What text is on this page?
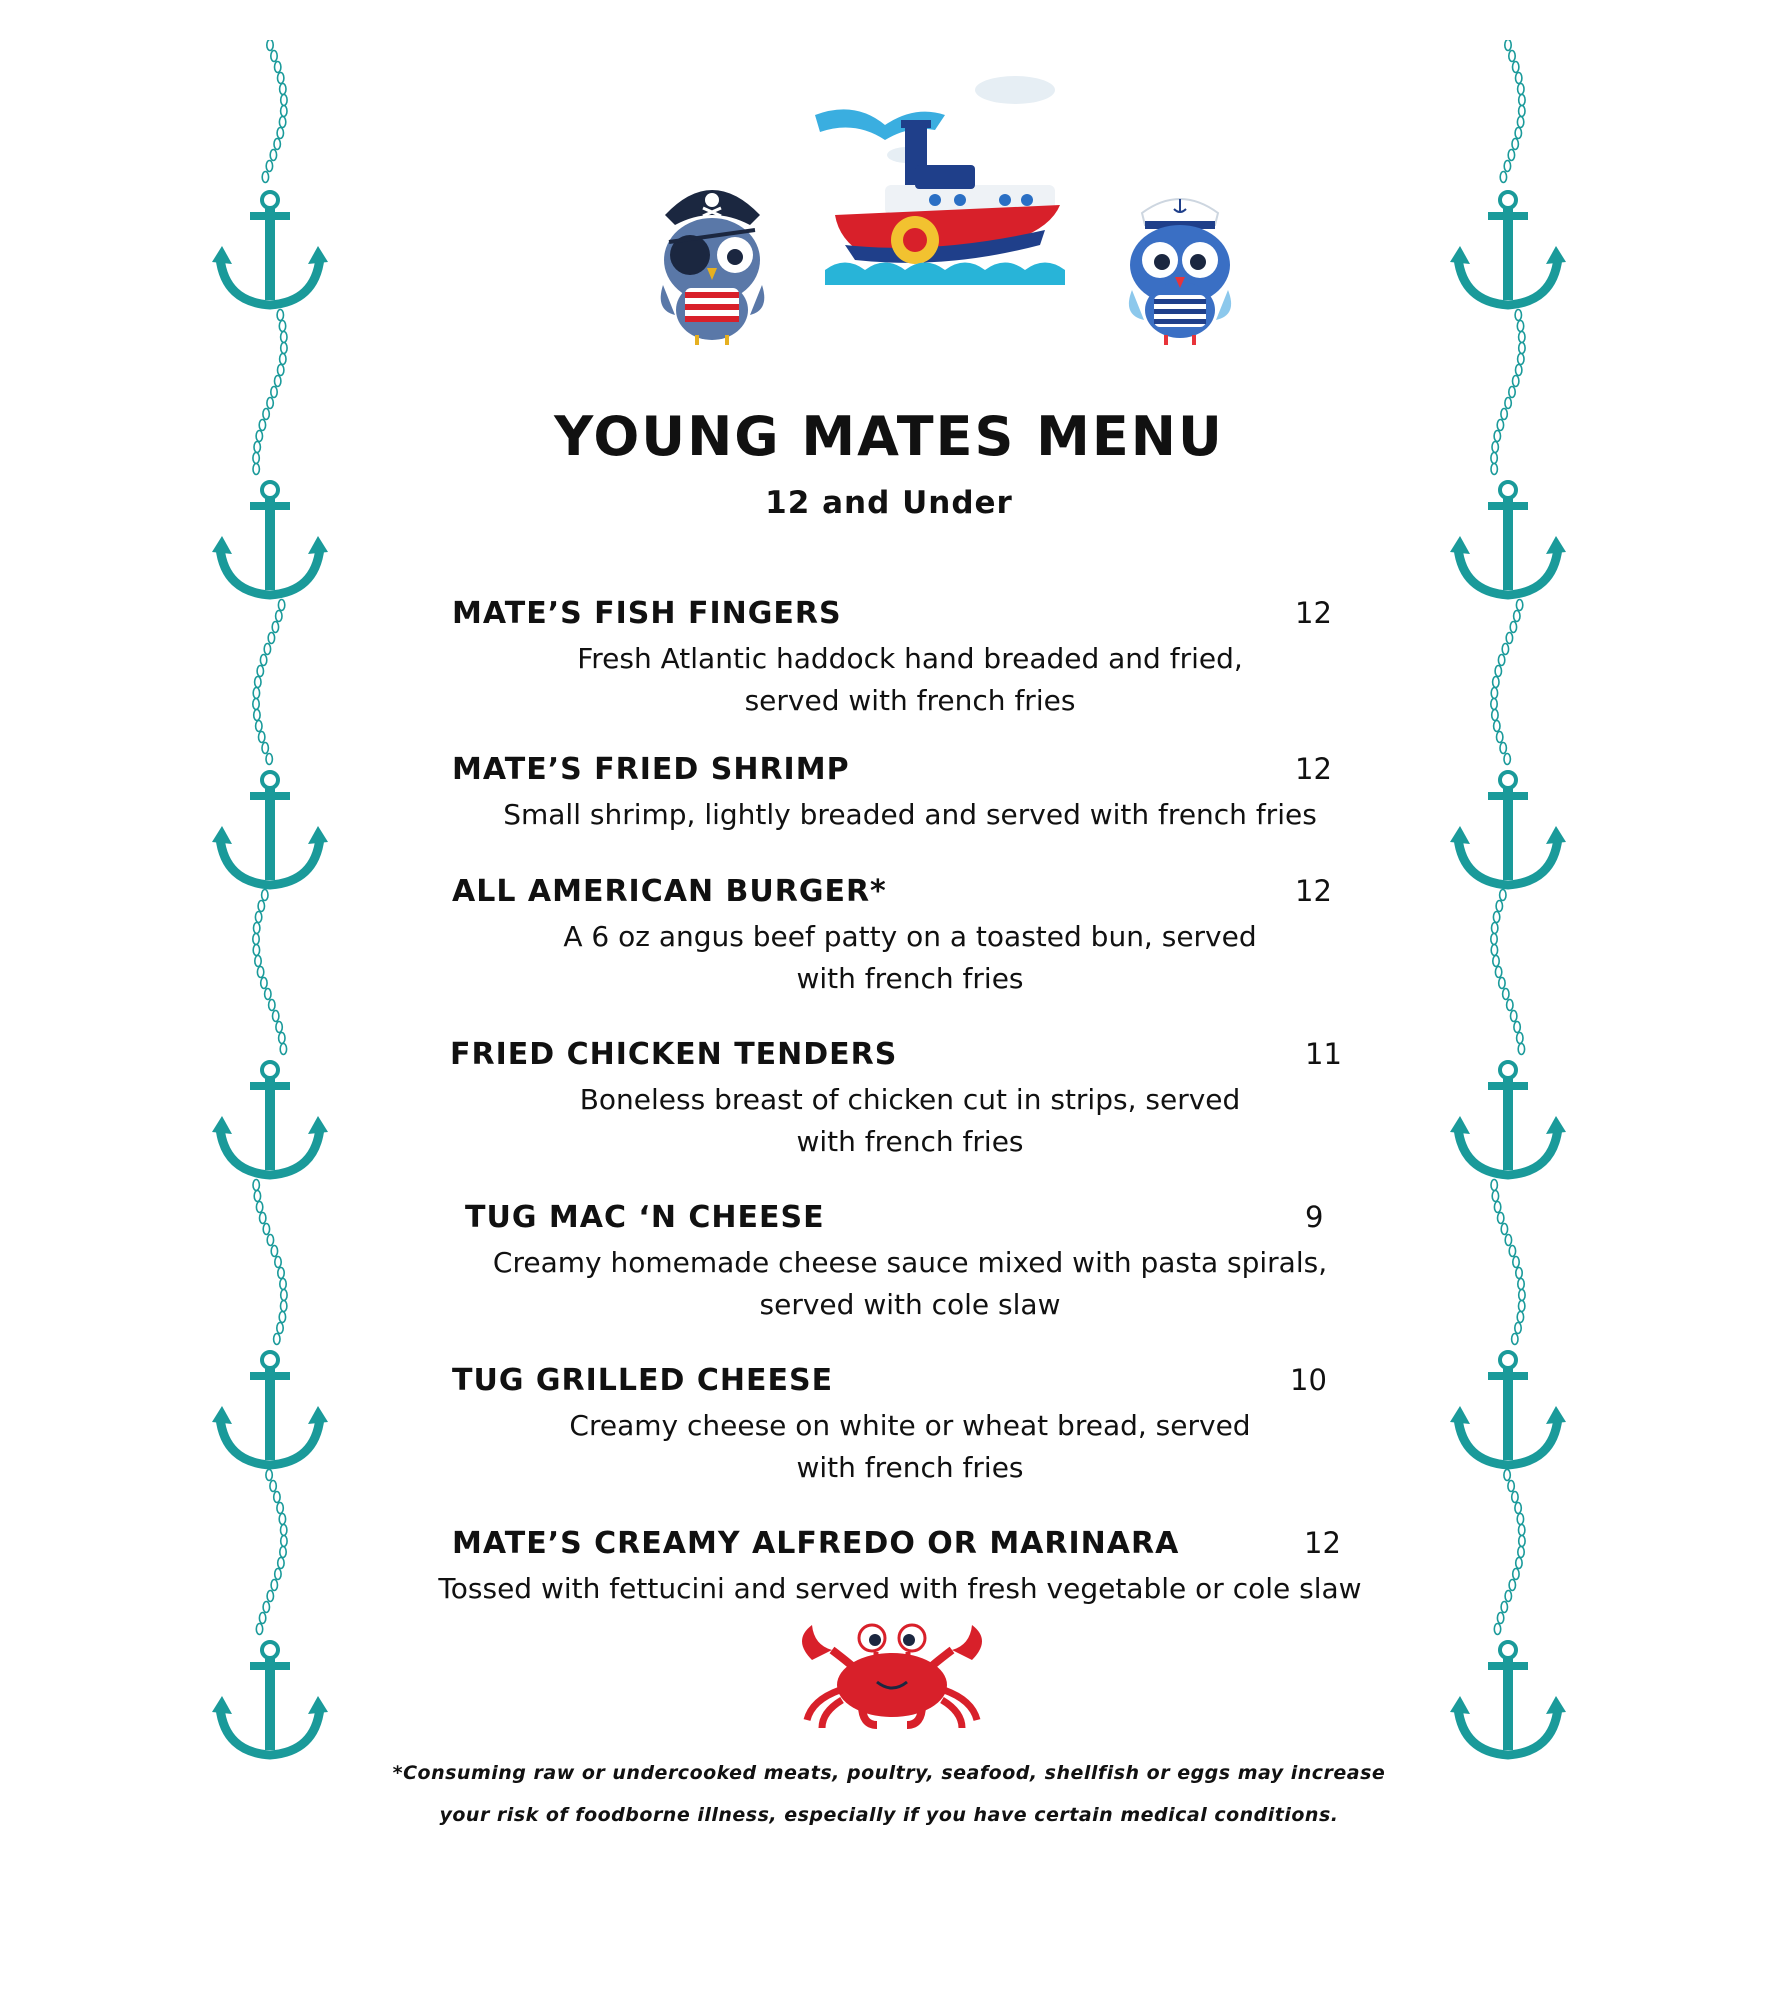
YOUNG MATES MENU
12 and Under
MATE’S FISH FINGERS	12
Fresh Atlantic haddock hand breaded and fried,
served with french fries
MATE’S FRIED SHRIMP	12
Small shrimp, lightly breaded and served with french fries
ALL AMERICAN BURGER*	12
A 6 oz angus beef patty on a toasted bun, served
with french fries
FRIED CHICKEN TENDERS	11
Boneless breast of chicken cut in strips, served
with french fries
TUG MAC ‘N CHEESE	9
Creamy homemade cheese sauce mixed with pasta spirals,
served with cole slaw
TUG GRILLED CHEESE	10
Creamy cheese on white or wheat bread, served
with french fries
MATE’S CREAMY ALFREDO OR MARINARA	12
Tossed with fettucini and served with fresh vegetable or cole slaw
*Consuming raw or undercooked meats, poultry, seafood, shellfish or eggs may increase
your risk of foodborne illness, especially if you have certain medical conditions.
